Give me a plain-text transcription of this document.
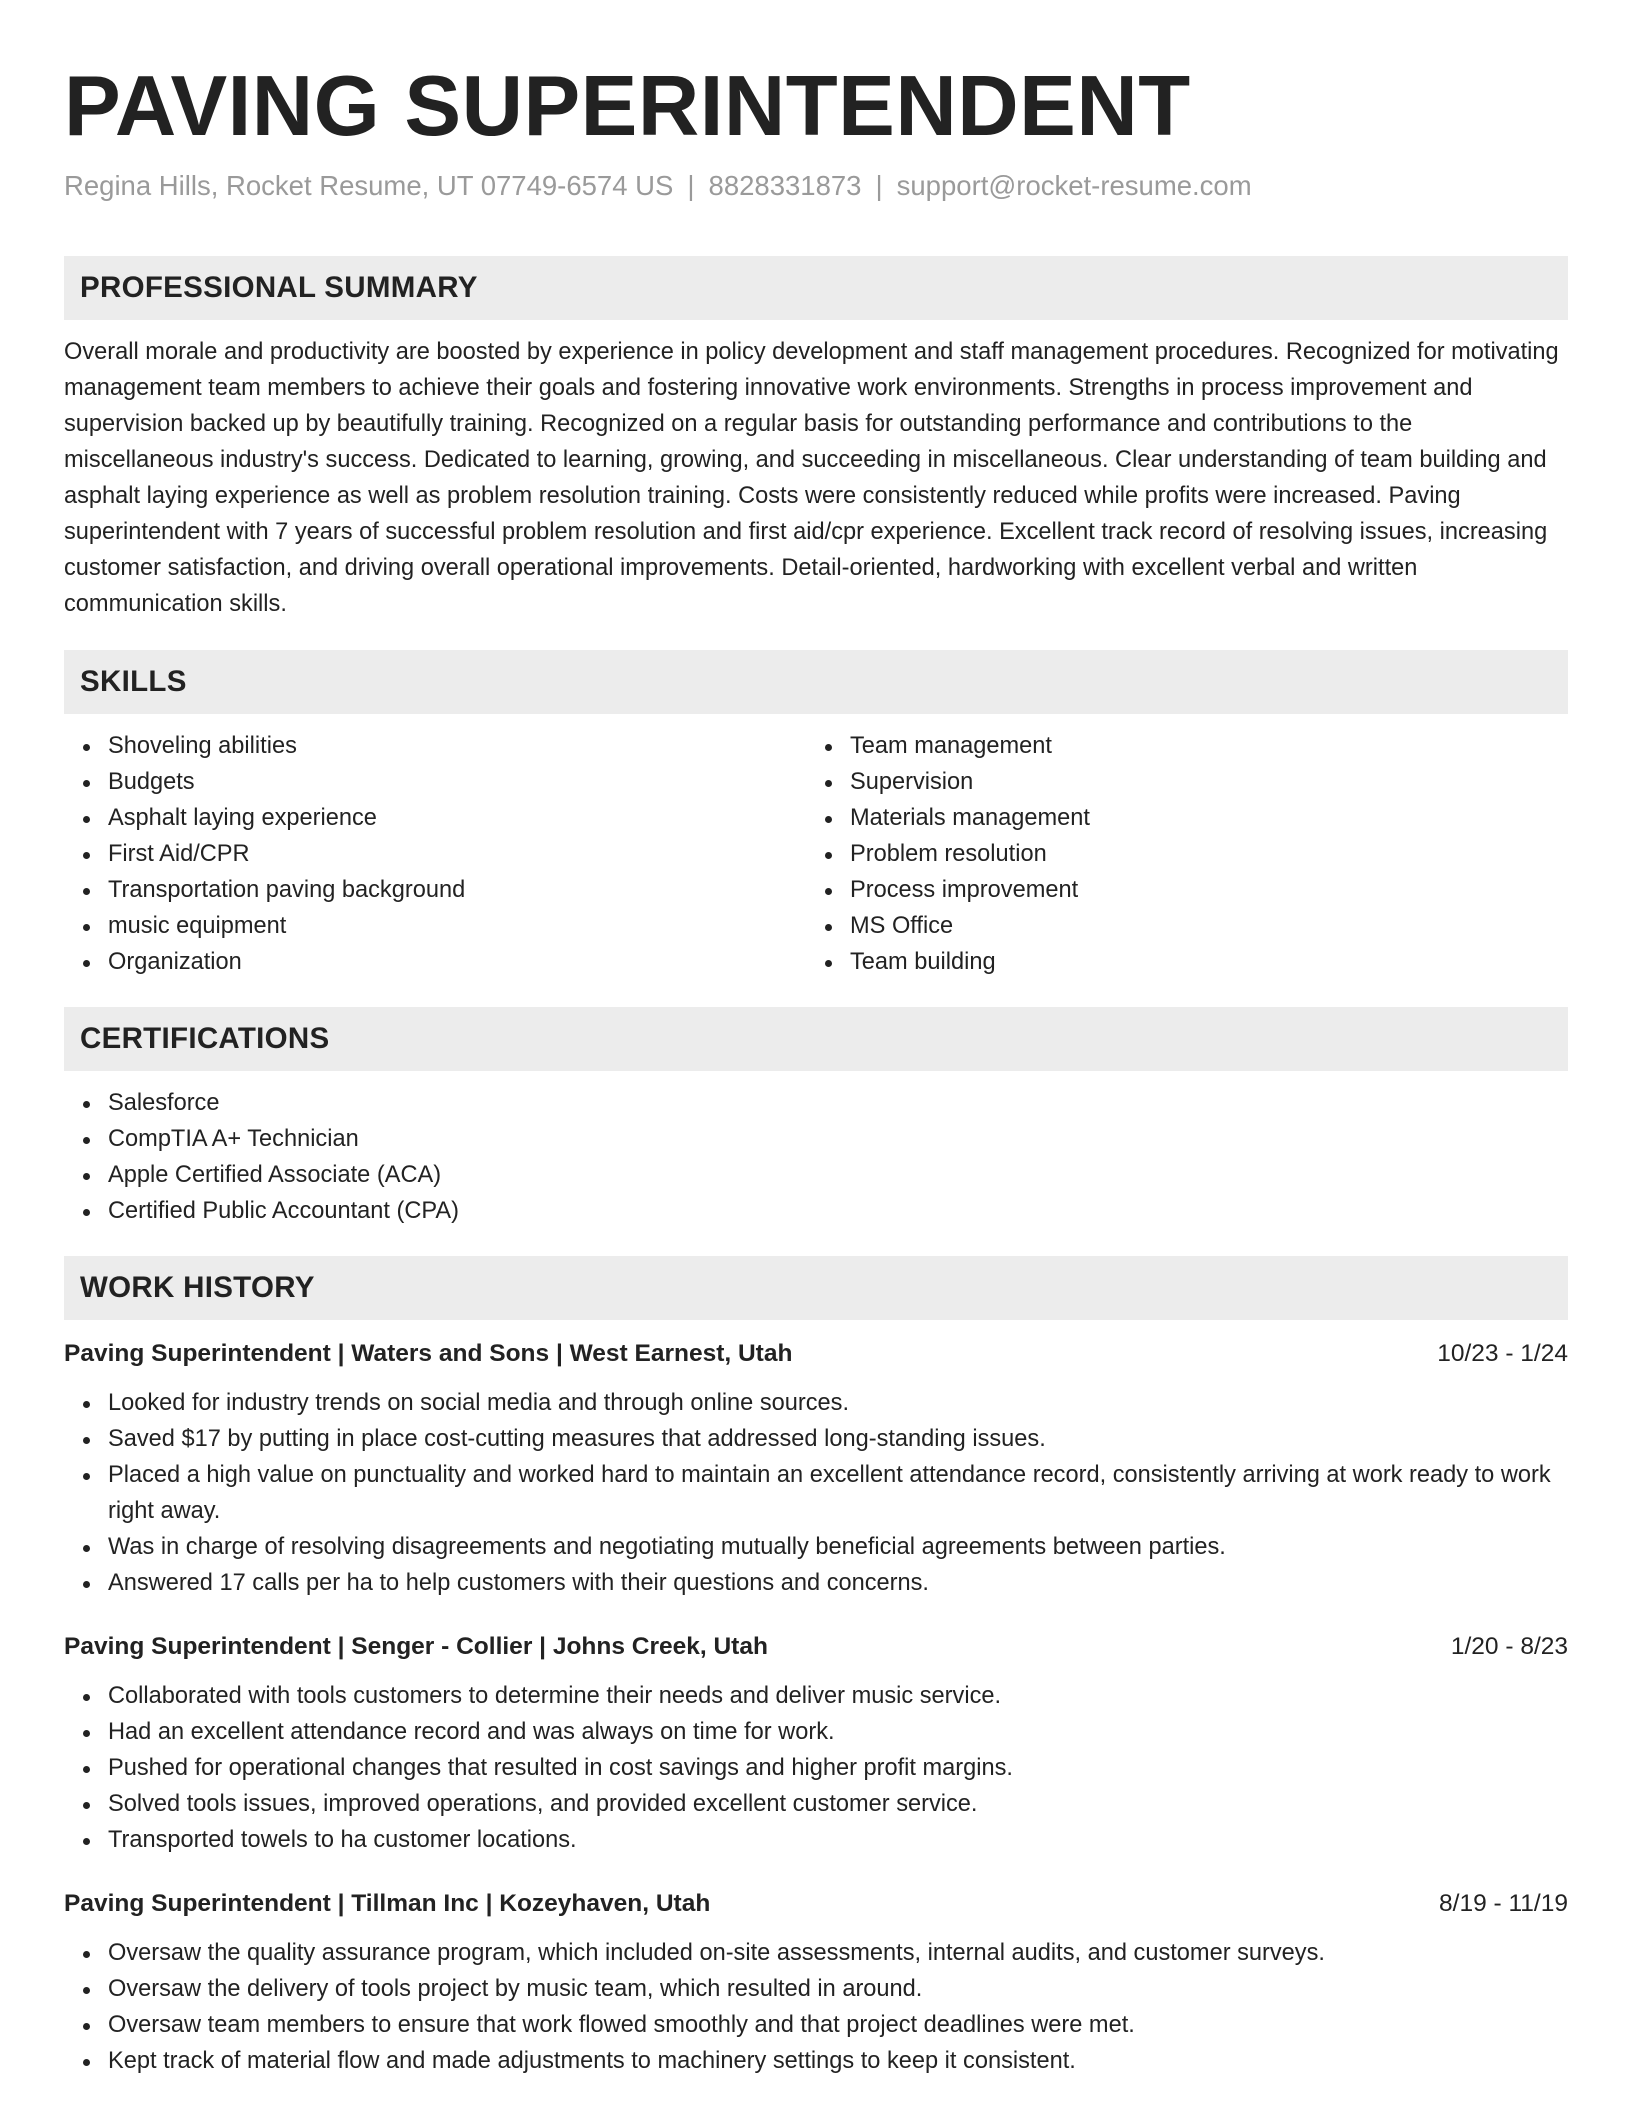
PAVING SUPERINTENDENT
Regina Hills, Rocket Resume, UT 07749-6574 US | 8828331873 | support@rocket-resume.com
PROFESSIONAL SUMMARY

Overall morale and productivity are boosted by experience in policy development and staff management procedures. Recognized for motivating management team members to achieve their goals and fostering innovative work environments. Strengths in process improvement and supervision backed up by beautifully training. Recognized on a regular basis for outstanding performance and contributions to the miscellaneous industry's success. Dedicated to learning, growing, and succeeding in miscellaneous. Clear understanding of team building and asphalt laying experience as well as problem resolution training. Costs were consistently reduced while profits were increased. Paving superintendent with 7 years of successful problem resolution and first aid/cpr experience. Excellent track record of resolving issues, increasing customer satisfaction, and driving overall operational improvements. Detail-oriented, hardworking with excellent verbal and written communication skills.

SKILLS
Shoveling abilities
Budgets
Asphalt laying experience
First Aid/CPR
Transportation paving background
music equipment
Organization
Team management
Supervision
Materials management
Problem resolution
Process improvement
MS Office
Team building
CERTIFICATIONS
Salesforce
CompTIA A+ Technician
Apple Certified Associate (ACA)
Certified Public Accountant (CPA)
WORK HISTORY
Paving Superintendent | Waters and Sons | West Earnest, Utah	10/23 - 1/24
Looked for industry trends on social media and through online sources.
Saved $17 by putting in place cost-cutting measures that addressed long-standing issues.
Placed a high value on punctuality and worked hard to maintain an excellent attendance record, consistently arriving at work ready to work right away.
Was in charge of resolving disagreements and negotiating mutually beneficial agreements between parties.
Answered 17 calls per ha to help customers with their questions and concerns.
Paving Superintendent | Senger - Collier | Johns Creek, Utah	1/20 - 8/23
Collaborated with tools customers to determine their needs and deliver music service.
Had an excellent attendance record and was always on time for work.
Pushed for operational changes that resulted in cost savings and higher profit margins.
Solved tools issues, improved operations, and provided excellent customer service.
Transported towels to ha customer locations.
Paving Superintendent | Tillman Inc | Kozeyhaven, Utah	8/19 - 11/19
Oversaw the quality assurance program, which included on-site assessments, internal audits, and customer surveys.
Oversaw the delivery of tools project by music team, which resulted in around.
Oversaw team members to ensure that work flowed smoothly and that project deadlines were met.
Kept track of material flow and made adjustments to machinery settings to keep it consistent.
